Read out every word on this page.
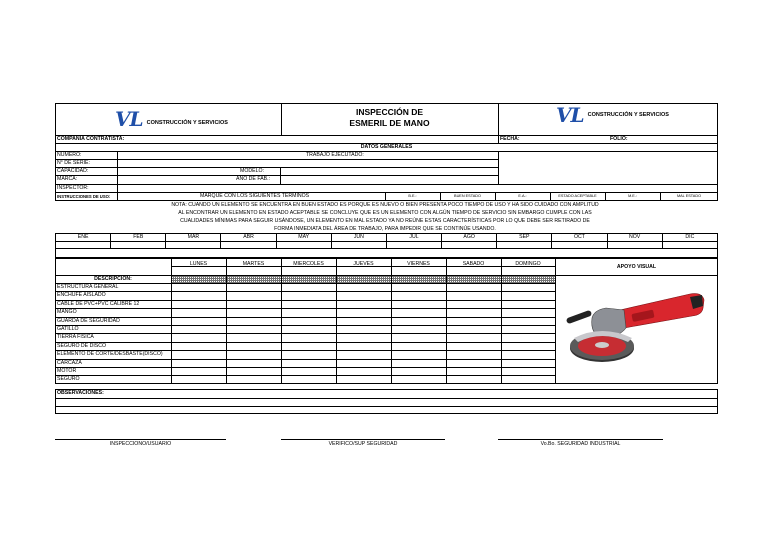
VL CONSTRUCCIÓN Y SERVICIOS
INSPECCIÓN DE
ESMERIL DE MANO	VL CONSTRUCCIÓN Y SERVICIOS
COMPAÑÍA CONTRATISTA:	FECHA:	FOLIO:
DATOS GENERALES
NUMERO:	TRABAJO EJECUTADO:
N° DE SERIE:
CAPACIDAD:	MODELO:
MARCA:	AÑO DE FAB.:
INSPECTOR:
INSTRUCCIONES DE USO:	MARQUE CON LOS SIGUIENTES TERMINOS	B.E.:	BUEN ESTADO	E.A.:	ESTADO ACEPTABLE	M.E.:	MAL ESTADO
NOTA: CUANDO UN ELEMENTO SE ENCUENTRA EN BUEN ESTADO ES PORQUE ES NUEVO O BIEN PRESENTA POCO TIEMPO DE USO Y HA SIDO CUIDADO CON AMPLITUD
AL ENCONTRAR UN ELEMENTO EN ESTADO ACEPTABLE SE CONCLUYE QUE ES UN ELEMENTO CON ALGÚN TIEMPO DE SERVICIO SIN EMBARGO CUMPLE CON LAS
CUALIDADES MÍNIMAS PARA SEGUIR USÁNDOSE, UN ELEMENTO EN MAL ESTADO YA NO REÚNE ESTAS CARACTERÍSTICAS POR LO QUE DEBE SER RETIRADO DE
FORMA INMEDIATA DEL ÁREA DE TRABAJO, PARA IMPEDIR QUE SE CONTINÚE USANDO.
ENE	FEB	MAR	ABR	MAY	JUN	JUL	AGO	SEP	OCT	NOV	DIC

LUNES	MARTES	MIÉRCOLES	JUEVES	VIERNES	SÁBADO	DOMINGO	APOYO VISUAL
DESCRIPCIÓN:
ESTRUCTURA GENERAL
ENCHUFE AISLADO
CABLE DE PVC+PVC CALIBRE 12
MANGO
GUARDA DE SEGURIDAD
GATILLO
TIERRA FÍSICA
SEGURO DE DISCO
ELEMENTO DE CORTE/DESBASTE(DISCO)
CARCAZA
MOTOR
SEGURO
OBSERVACIONES:
INSPECCIONÓ/USUARIO	VERIFICÓ/SUP SEGURIDAD	Vo.Bo. SEGURIDAD INDUSTRIAL
